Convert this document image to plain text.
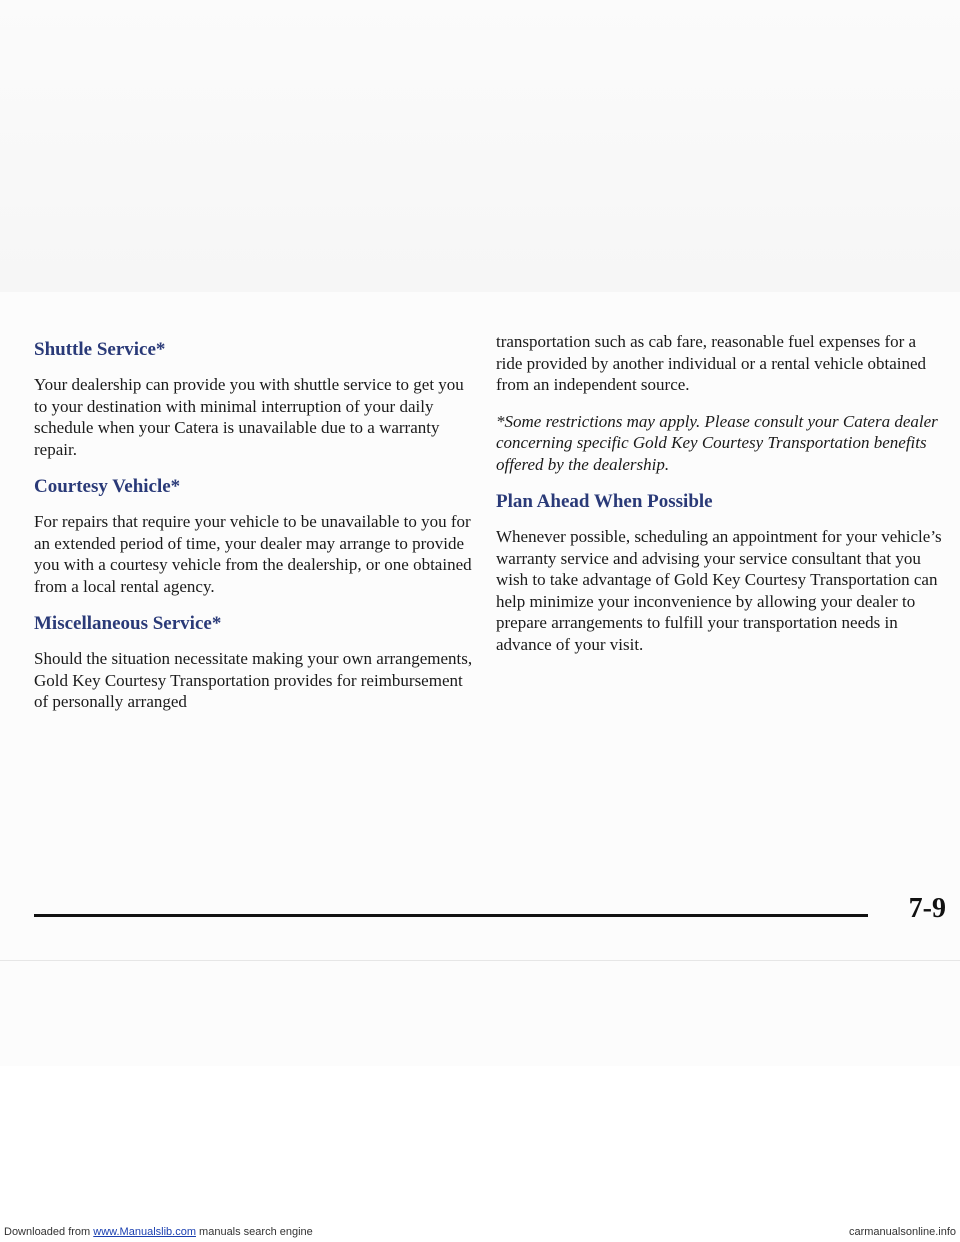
Shuttle Service*

Your dealership can provide you with shuttle service to get you to your destination with minimal interruption of your daily schedule when your Catera is unavailable due to a warranty repair.

Courtesy Vehicle*

For repairs that require your vehicle to be unavailable to you for an extended period of time, your dealer may arrange to provide you with a courtesy vehicle from the dealership, or one obtained from a local rental agency.

Miscellaneous Service*

Should the situation necessitate making your own arrangements, Gold Key Courtesy Transportation provides for reimbursement of personally arranged

transportation such as cab fare, reasonable fuel expenses for a ride provided by another individual or a rental vehicle obtained from an independent source.

*Some restrictions may apply. Please consult your Catera dealer concerning specific Gold Key Courtesy Transportation benefits offered by the dealership.

Plan Ahead When Possible

Whenever possible, scheduling an appointment for your vehicle’s warranty service and advising your service consultant that you wish to take advantage of Gold Key Courtesy Transportation can help minimize your inconvenience by allowing your dealer to prepare arrangements to fulfill your transportation needs in advance of your visit.

7-9
Downloaded from www.Manualslib.com manuals search engine	carmanualsonline.info
